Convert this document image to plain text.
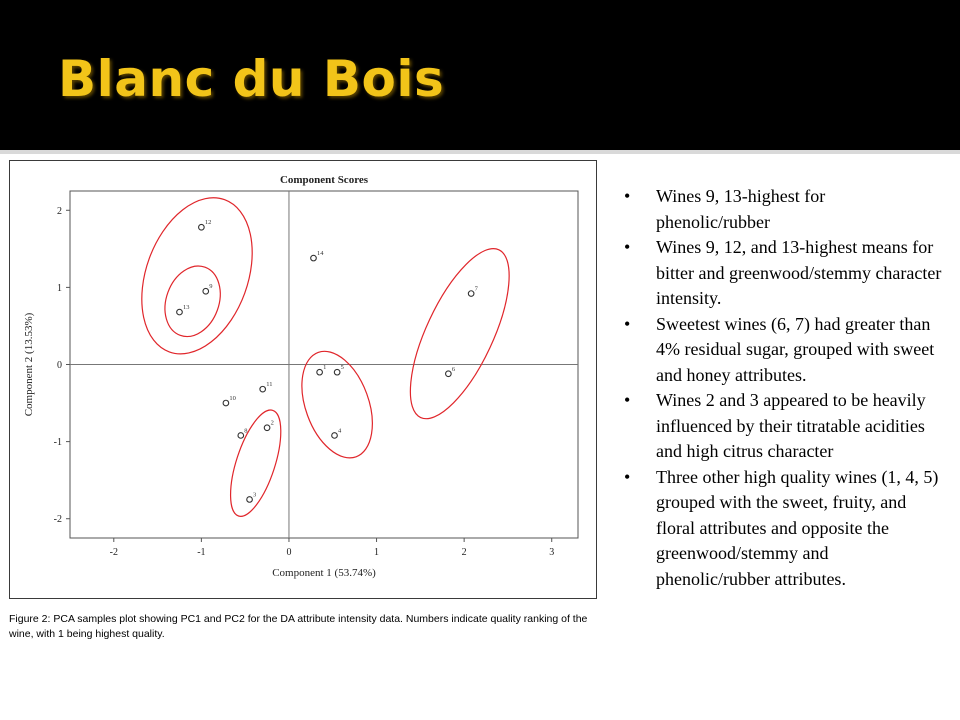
Blanc du Bois
Component Scores
-2	-1	0	1	2	3
2
1
0
-1
-2
Component 1 (53.74%)
Component 2 (13.53%)	1
2
3
4
5	6
7
8
9
10
11
12
13
14
Figure 2: PCA samples plot showing PC1 and PC2 for the DA attribute intensity data. Numbers indicate quality ranking of the wine, with 1 being highest quality.
• Wines 9, 13-highest for phenolic/rubber
• Wines 9, 12, and 13-highest means for bitter and greenwood/stemmy character intensity.
• Sweetest wines (6, 7) had greater than 4% residual sugar, grouped with sweet and honey attributes.
• Wines 2 and 3 appeared to be heavily influenced by their titratable acidities and high citrus character
• Three other high quality wines (1, 4, 5) grouped with the sweet, fruity, and floral attributes and opposite the greenwood/stemmy and phenolic/rubber attributes.
